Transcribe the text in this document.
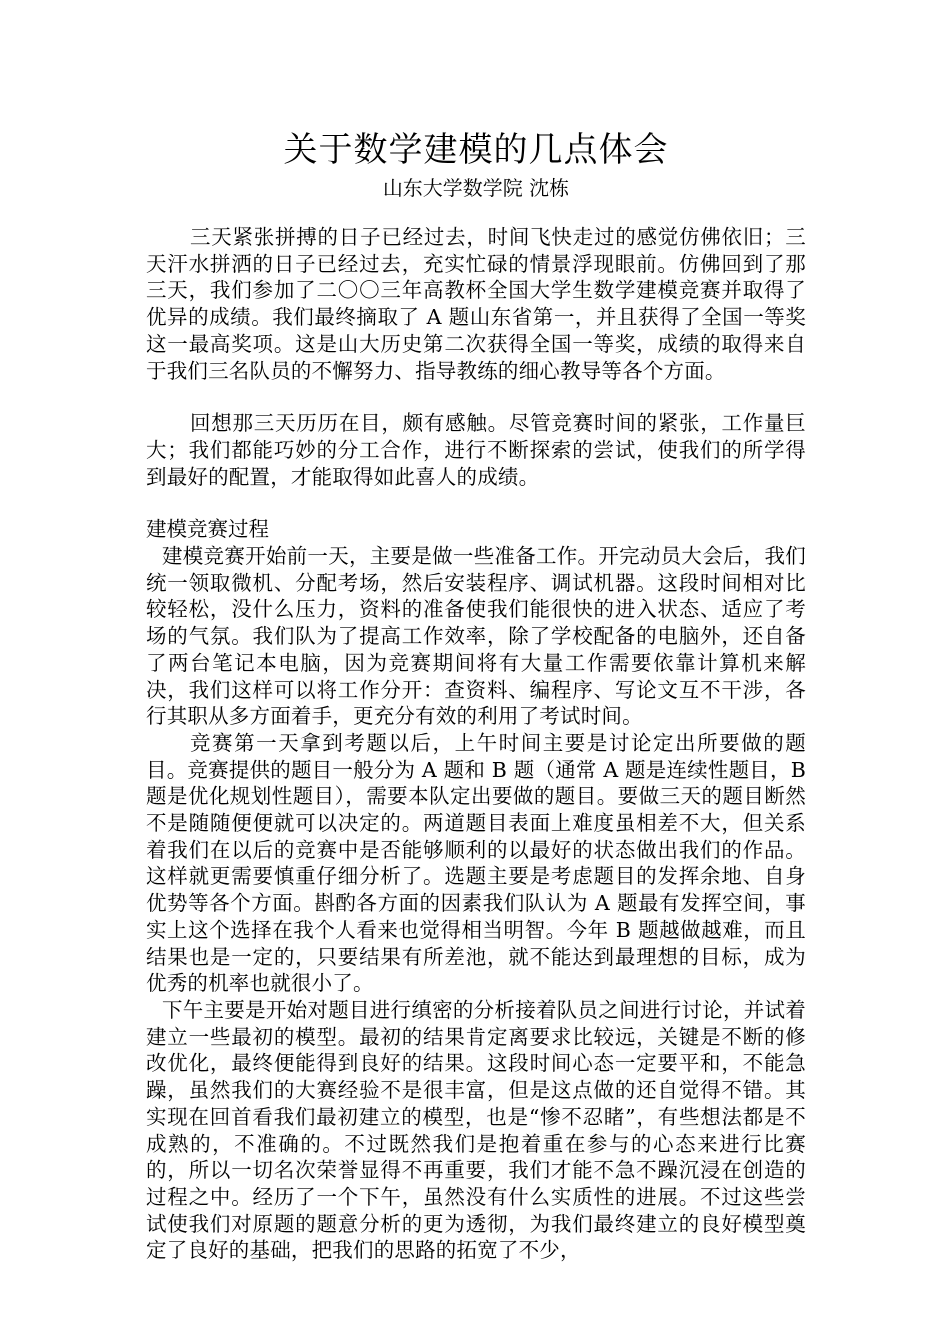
关于数学建模的几点体会
山东大学数学院 沈栋

三天紧张拼搏的日子已经过去，时间飞快走过的感觉仿佛依旧；三天汗水拼洒的日子已经过去，充实忙碌的情景浮现眼前。仿佛回到了那三天，我们参加了二〇〇三年高教杯全国大学生数学建模竞赛并取得了优异的成绩。我们最终摘取了 A 题山东省第一，并且获得了全国一等奖这一最高奖项。这是山大历史第二次获得全国一等奖，成绩的取得来自于我们三名队员的不懈努力、指导教练的细心教导等各个方面。

回想那三天历历在目，颇有感触。尽管竞赛时间的紧张，工作量巨大；我们都能巧妙的分工合作，进行不断探索的尝试，使我们的所学得到最好的配置，才能取得如此喜人的成绩。

建模竞赛过程

建模竞赛开始前一天，主要是做一些准备工作。开完动员大会后，我们统一领取微机、分配考场，然后安装程序、调试机器。这段时间相对比较轻松，没什么压力，资料的准备使我们能很快的进入状态、适应了考场的气氛。我们队为了提高工作效率，除了学校配备的电脑外，还自备了两台笔记本电脑，因为竞赛期间将有大量工作需要依靠计算机来解决，我们这样可以将工作分开：查资料、编程序、写论文互不干涉，各行其职从多方面着手，更充分有效的利用了考试时间。

竞赛第一天拿到考题以后，上午时间主要是讨论定出所要做的题目。竞赛提供的题目一般分为 A 题和 B 题（通常 A 题是连续性题目，B 题是优化规划性题目），需要本队定出要做的题目。要做三天的题目断然不是随随便便就可以决定的。两道题目表面上难度虽相差不大，但关系着我们在以后的竞赛中是否能够顺利的以最好的状态做出我们的作品。这样就更需要慎重仔细分析了。选题主要是考虑题目的发挥余地、自身优势等各个方面。斟酌各方面的因素我们队认为 A 题最有发挥空间，事实上这个选择在我个人看来也觉得相当明智。今年 B 题越做越难，而且结果也是一定的，只要结果有所差池，就不能达到最理想的目标，成为优秀的机率也就很小了。

下午主要是开始对题目进行缜密的分析接着队员之间进行讨论，并试着建立一些最初的模型。最初的结果肯定离要求比较远，关键是不断的修改优化，最终便能得到良好的结果。这段时间心态一定要平和，不能急躁，虽然我们的大赛经验不是很丰富，但是这点做的还自觉得不错。其实现在回首看我们最初建立的模型，也是“惨不忍睹”，有些想法都是不成熟的，不准确的。不过既然我们是抱着重在参与的心态来进行比赛的，所以一切名次荣誉显得不再重要，我们才能不急不躁沉浸在创造的过程之中。经历了一个下午，虽然没有什么实质性的进展。不过这些尝试使我们对原题的题意分析的更为透彻，为我们最终建立的良好模型奠定了良好的基础，把我们的思路的拓宽了不少，
